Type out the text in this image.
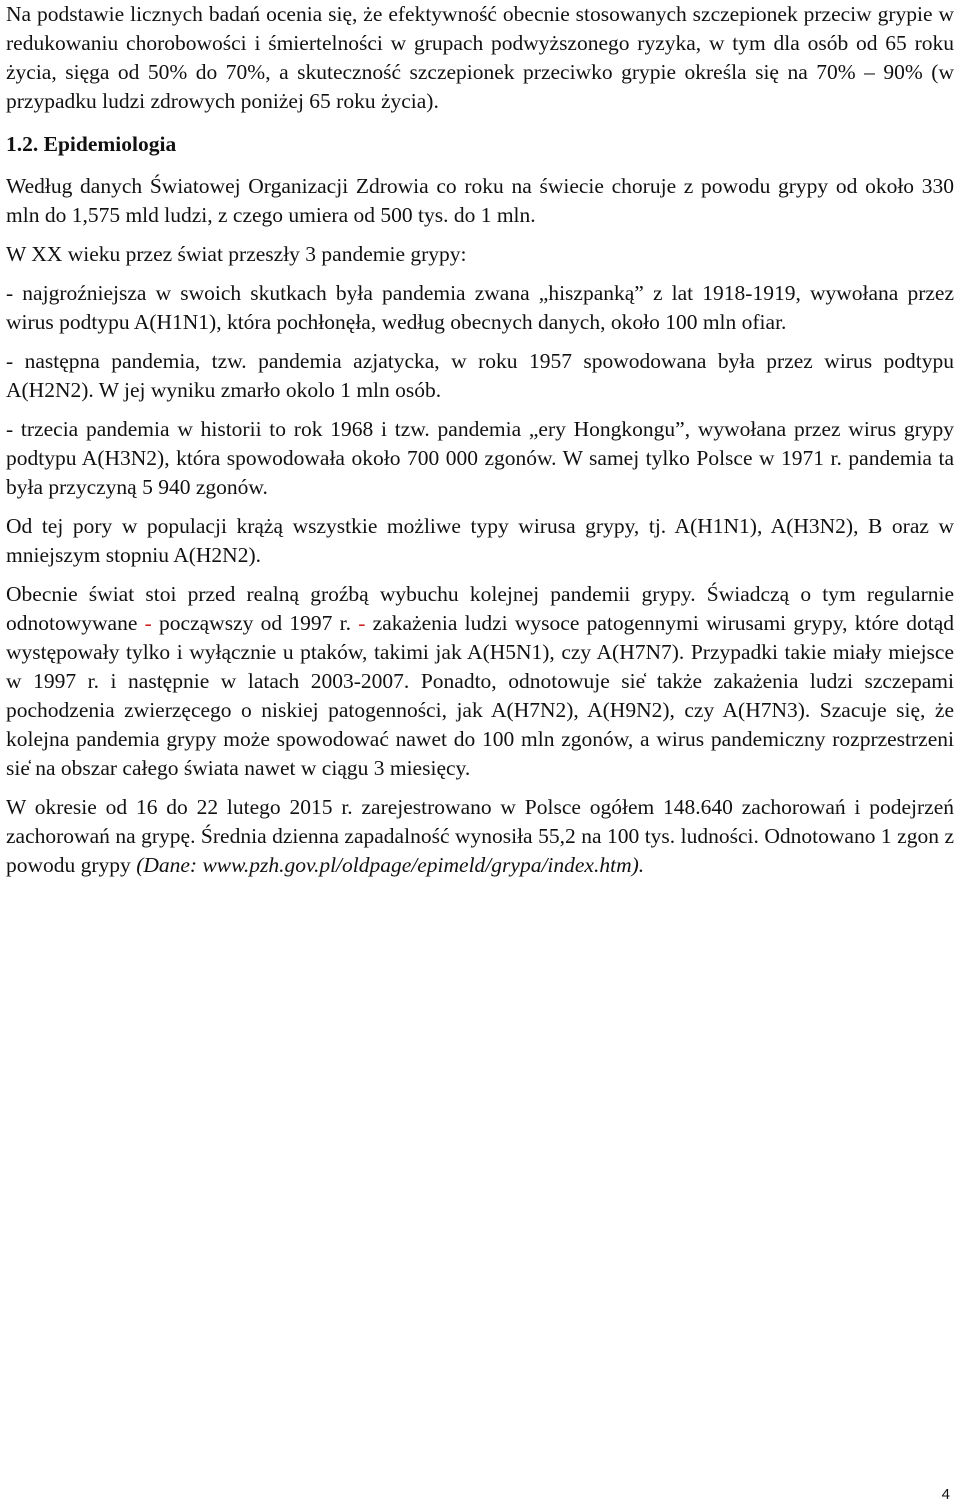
Na podstawie licznych badań ocenia się, że efektywność obecnie stosowanych szczepionek przeciw grypie w redukowaniu chorobowości i śmiertelności w grupach podwyższonego ryzyka, w tym dla osób od 65 roku życia, sięga od 50% do 70%, a skuteczność szczepionek przeciwko grypie określa się na 70% – 90% (w przypadku ludzi zdrowych poniżej 65 roku życia).

1.2. Epidemiologia

Według danych Światowej Organizacji Zdrowia co roku na świecie choruje z powodu grypy od około 330 mln do 1,575 mld ludzi, z czego umiera od 500 tys. do 1 mln.

W XX wieku przez świat przeszły 3 pandemie grypy:

- najgroźniejsza w swoich skutkach była pandemia zwana „hiszpanką” z lat 1918-1919, wywołana przez wirus podtypu A(H1N1), która pochłonęła, według obecnych danych, około 100 mln ofiar.

- następna pandemia, tzw. pandemia azjatycka, w roku 1957 spowodowana była przez wirus podtypu A(H2N2). W jej wyniku zmarło okolo 1 mln osób.

- trzecia pandemia w historii to rok 1968 i tzw. pandemia „ery Hongkongu”, wywołana przez wirus grypy podtypu A(H3N2), która spowodowała około 700 000 zgonów. W samej tylko Polsce w 1971 r. pandemia ta była przyczyną 5 940 zgonów.

Od tej pory w populacji krążą wszystkie możliwe typy wirusa grypy, tj. A(H1N1), A(H3N2), B oraz w mniejszym stopniu A(H2N2).

Obecnie świat stoi przed realną groźbą wybuchu kolejnej pandemii grypy. Świadczą o tym regularnie odnotowywane - począwszy od 1997 r. - zakażenia ludzi wysoce patogennymi wirusami grypy, które dotąd występowały tylko i wyłącznie u ptaków, takimi jak A(H5N1), czy A(H7N7). Przypadki takie miały miejsce w 1997 r. i następnie w latach 2003-2007. Ponadto, odnotowuje sie̒ także zakażenia ludzi szczepami pochodzenia zwierzęcego o niskiej patogenności, jak A(H7N2), A(H9N2), czy A(H7N3). Szacuje się, że kolejna pandemia grypy może spowodować nawet do 100 mln zgonów, a wirus pandemiczny rozprzestrzeni sie̒ na obszar całego świata nawet w ciągu 3 miesięcy.

W okresie od 16 do 22 lutego 2015 r. zarejestrowano w Polsce ogółem 148.640 zachorowań i podejrzeń zachorowań na grypę. Średnia dzienna zapadalność wynosiła 55,2 na 100 tys. ludności. Odnotowano 1 zgon z powodu grypy (Dane: www.pzh.gov.pl/oldpage/epimeld/grypa/index.htm).

4
